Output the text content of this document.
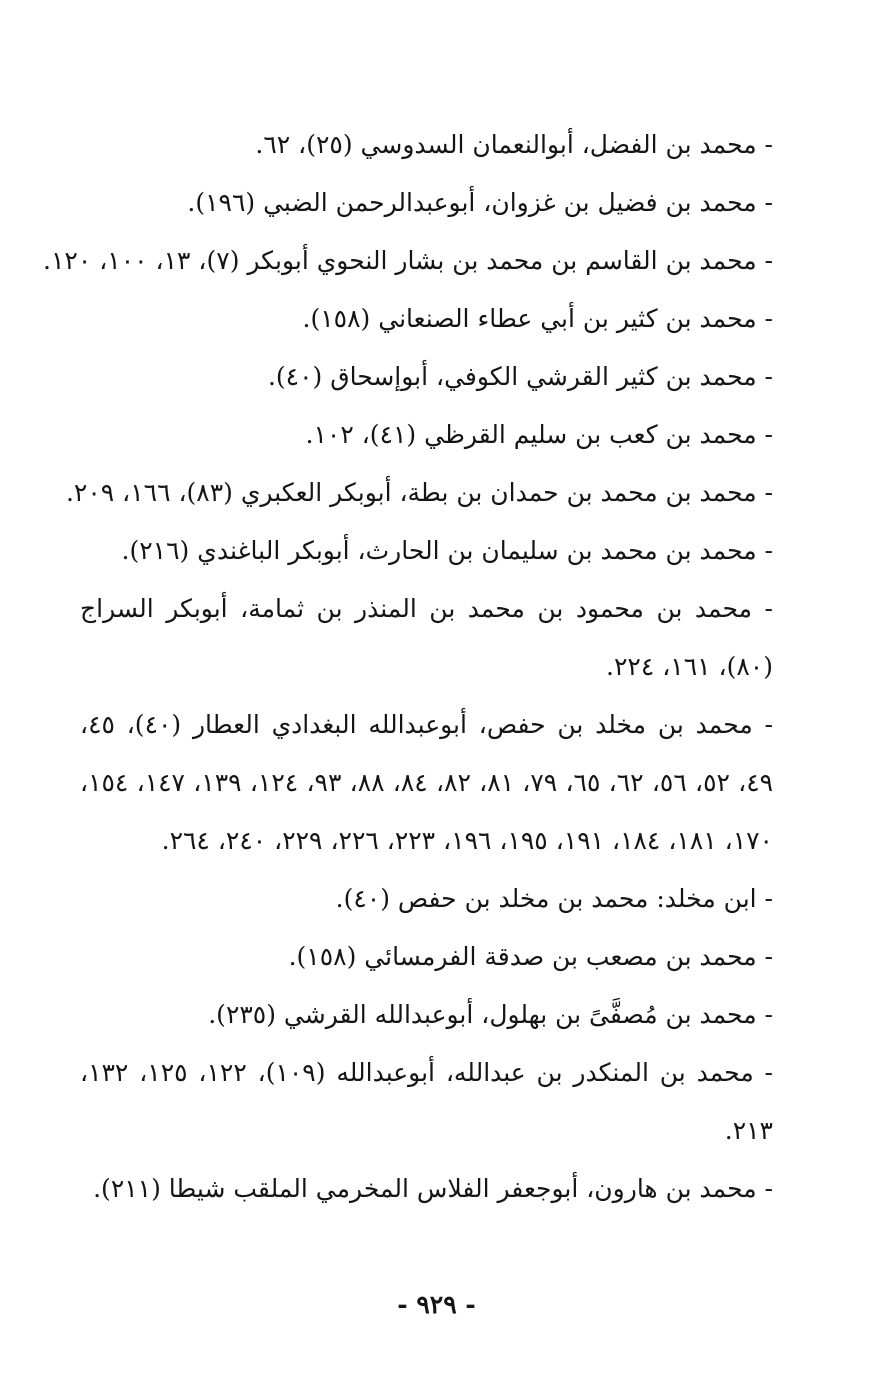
- محمد بن الفضل، أبوالنعمان السدوسي (٢٥)، ٦٢.
- محمد بن فضيل بن غزوان، أبوعبدالرحمن الضبي (١٩٦).
- محمد بن القاسم بن محمد بن بشار النحوي أبوبكر (٧)، ١٣، ١٠٠، ١٢٠.
- محمد بن كثير بن أبي عطاء الصنعاني (١٥٨).
- محمد بن كثير القرشي الكوفي، أبوإسحاق (٤٠).
- محمد بن كعب بن سليم القرظي (٤١)، ١٠٢.
- محمد بن محمد بن حمدان بن بطة، أبوبكر العكبري (٨٣)، ١٦٦، ٢٠٩.
- محمد بن محمد بن سليمان بن الحارث، أبوبكر الباغندي (٢١٦).
- محمد بن محمود بن محمد بن المنذر بن ثمامة، أبوبكر السراج (٨٠)، ١٦١، ٢٢٤.
- محمد بن مخلد بن حفص، أبوعبدالله البغدادي العطار (٤٠)، ٤٥، ٤٩، ٥٢، ٥٦، ٦٢، ٦٥، ٧٩، ٨١، ٨٢، ٨٤، ٨٨، ٩٣، ١٢٤، ١٣٩، ١٤٧، ١٥٤، ١٧٠، ١٨١، ١٨٤، ١٩١، ١٩٥، ١٩٦، ٢٢٣، ٢٢٦، ٢٢٩، ٢٤٠، ٢٦٤.
- ابن مخلد: محمد بن مخلد بن حفص (٤٠).
- محمد بن مصعب بن صدقة الفرمسائي (١٥٨).
- محمد بن مُصفَّىً بن بهلول، أبوعبدالله القرشي (٢٣٥).
- محمد بن المنكدر بن عبدالله، أبوعبدالله (١٠٩)، ١٢٢، ١٢٥، ١٣٢، ٢١٣.
- محمد بن هارون، أبوجعفر الفلاس المخرمي الملقب شيطا (٢١١).
- ٩٢٩ -
